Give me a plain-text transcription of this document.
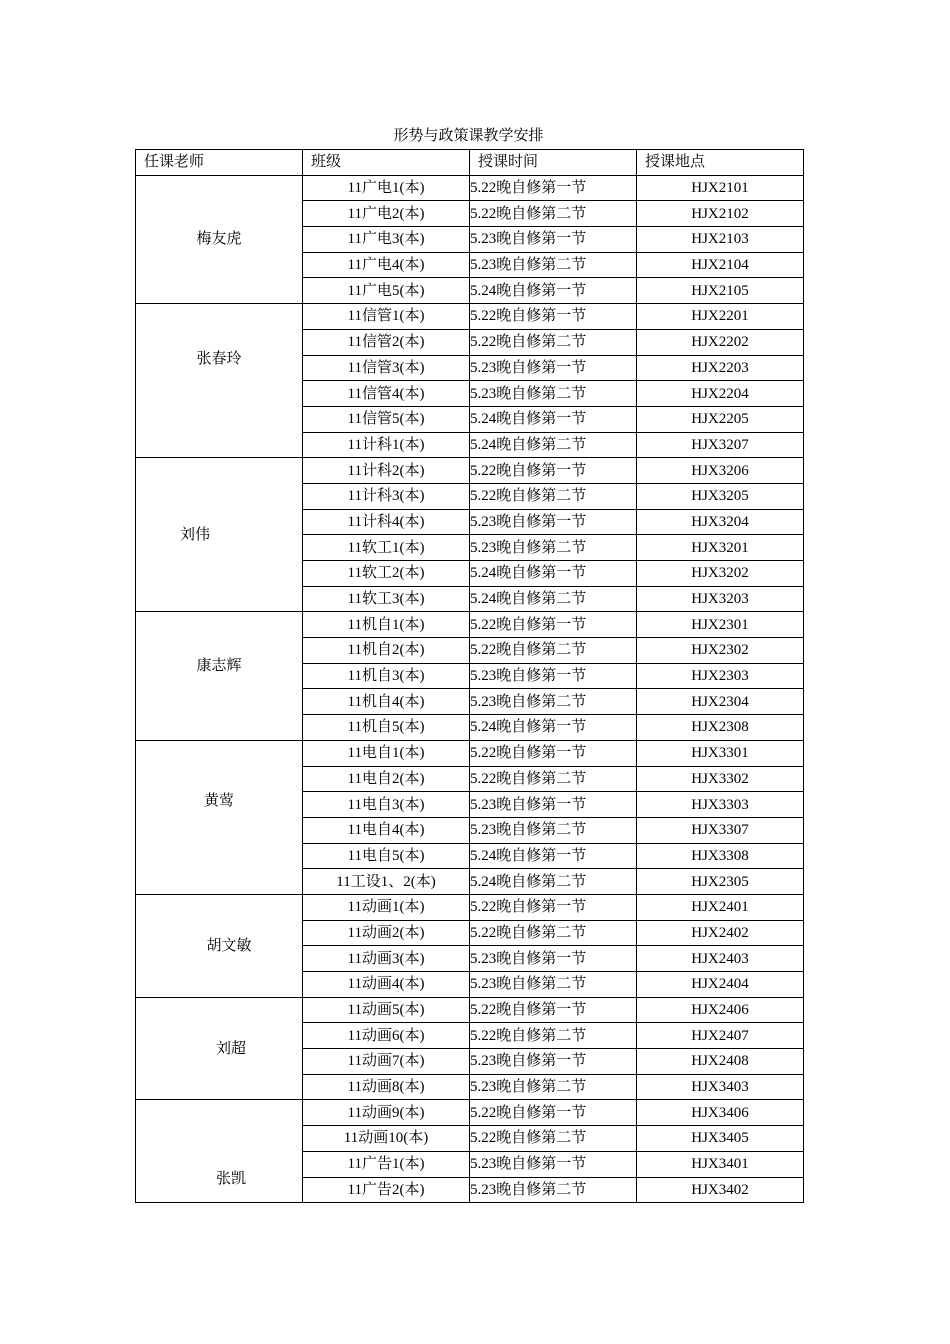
形势与政策课教学安排
任课老师	班级	授课时间	授课地点
梅友虎	11广电1(本)	5.22晚自修第一节	HJX2101
	11广电2(本)	5.22晚自修第二节	HJX2102
	11广电3(本)	5.23晚自修第一节	HJX2103
	11广电4(本)	5.23晚自修第二节	HJX2104
	11广电5(本)	5.24晚自修第一节	HJX2105
张春玲	11信管1(本)	5.22晚自修第一节	HJX2201
	11信管2(本)	5.22晚自修第二节	HJX2202
	11信管3(本)	5.23晚自修第一节	HJX2203
	11信管4(本)	5.23晚自修第二节	HJX2204
	11信管5(本)	5.24晚自修第一节	HJX2205
	11计科1(本)	5.24晚自修第二节	HJX3207
刘伟	11计科2(本)	5.22晚自修第一节	HJX3206
	11计科3(本)	5.22晚自修第二节	HJX3205
	11计科4(本)	5.23晚自修第一节	HJX3204
	11软工1(本)	5.23晚自修第二节	HJX3201
	11软工2(本)	5.24晚自修第一节	HJX3202
	11软工3(本)	5.24晚自修第二节	HJX3203
康志辉	11机自1(本)	5.22晚自修第一节	HJX2301
	11机自2(本)	5.22晚自修第二节	HJX2302
	11机自3(本)	5.23晚自修第一节	HJX2303
	11机自4(本)	5.23晚自修第二节	HJX2304
	11机自5(本)	5.24晚自修第一节	HJX2308
黄莺	11电自1(本)	5.22晚自修第一节	HJX3301
	11电自2(本)	5.22晚自修第二节	HJX3302
	11电自3(本)	5.23晚自修第一节	HJX3303
	11电自4(本)	5.23晚自修第二节	HJX3307
	11电自5(本)	5.24晚自修第一节	HJX3308
	11工设1、2(本)	5.24晚自修第二节	HJX2305
胡文敏	11动画1(本)	5.22晚自修第一节	HJX2401
	11动画2(本)	5.22晚自修第二节	HJX2402
	11动画3(本)	5.23晚自修第一节	HJX2403
	11动画4(本)	5.23晚自修第二节	HJX2404
刘超	11动画5(本)	5.22晚自修第一节	HJX2406
	11动画6(本)	5.22晚自修第二节	HJX2407
	11动画7(本)	5.23晚自修第一节	HJX2408
	11动画8(本)	5.23晚自修第二节	HJX3403
张凯	11动画9(本)	5.22晚自修第一节	HJX3406
	11动画10(本)	5.22晚自修第二节	HJX3405
	11广告1(本)	5.23晚自修第一节	HJX3401
	11广告2(本)	5.23晚自修第二节	HJX3402
